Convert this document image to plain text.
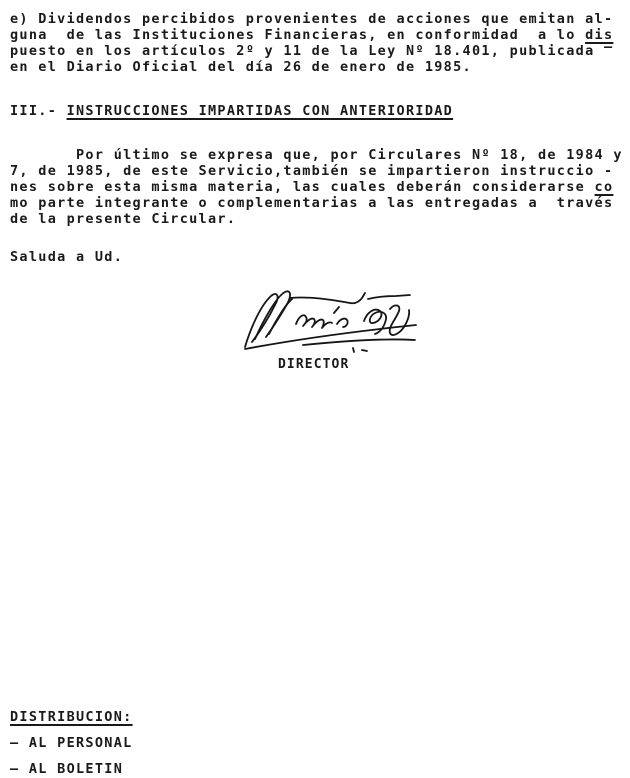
e) Dividendos percibidos provenientes de acciones que emitan al-
guna  de las Instituciones Financieras, en conformidad  a lo dis
puesto en los artículos 2º y 11 de la Ley Nº 18.401, publicada —
en el Diario Oficial del día 26 de enero de 1985.
III.- INSTRUCCIONES IMPARTIDAS CON ANTERIORIDAD
Por último se expresa que, por Circulares Nº 18, de 1984 y
7, de 1985, de este Servicio,también se impartieron instruccio -
nes sobre esta misma materia, las cuales deberán considerarse co
mo parte integrante o complementarias a las entregadas a  través
de la presente Circular.
Saluda a Ud.
DIRECTOR
DISTRIBUCION:
— AL PERSONAL
— AL BOLETIN
